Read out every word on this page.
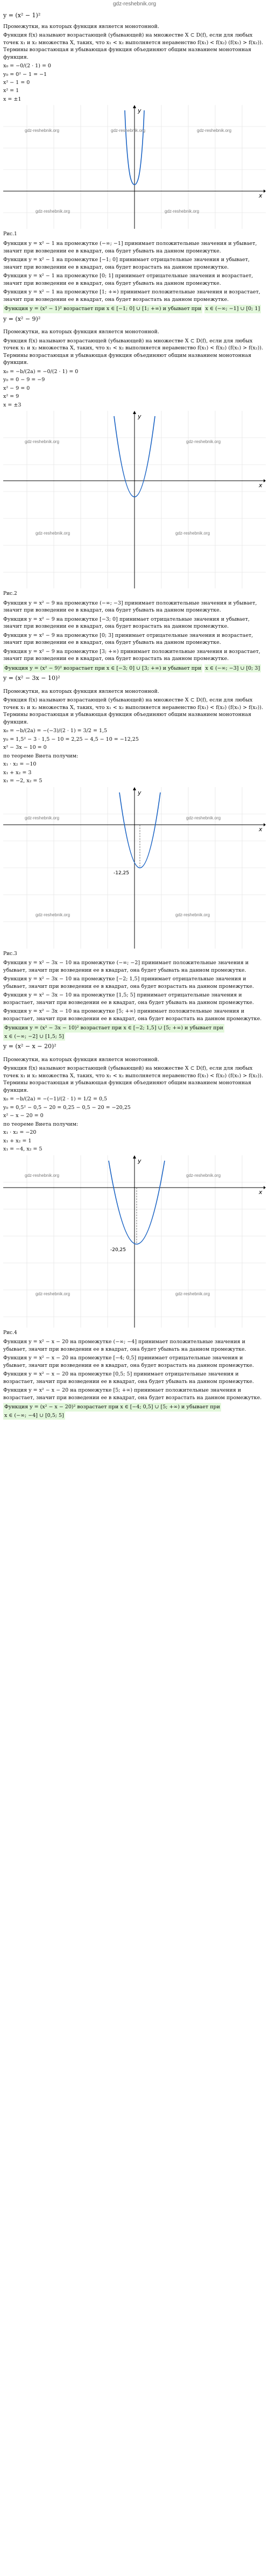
gdz-reshebnik.org

y = (x² − 1)²

Промежутки, на которых функция является монотонной.

Функция f(x) называют возрастающей (убывающей) на множестве X ⊂ D(f), если для любых точек x₁ и x₂ множества X, таких, что x₁ < x₂ выполняется неравенство f(x₁) < f(x₂) (f(x₁) > f(x₂)). Термины возрастающая и убывающая функция объединяют общим названием монотонная функция.

x₀ = −0/(2 · 1) = 0

y₀ = 0² − 1 = −1

x² − 1 = 0

x² = 1

x = ±1

x
y
gdz-reshebnik.org	gdz-reshebnik.org	gdz-reshebnik.org
gdz-reshebnik.org	gdz-reshebnik.org

Рис.1

Функция y = x² − 1 на промежутке (−∞; −1] принимает положительные значения и убывает, значит при возведении ее в квадрат, она будет убывать на данном промежутке.

Функция y = x² − 1 на промежутке [−1; 0] принимает отрицательные значения и убывает, значит при возведении ее в квадрат, она будет возрастать на данном промежутке.

Функция y = x² − 1 на промежутке [0; 1] принимает отрицательные значения и возрастает, значит при возведении ее в квадрат, она будет убывать на данном промежутке.

Функция y = x² − 1 на промежутке [1; +∞) принимает положительные значения и возрастает, значит при возведении ее в квадрат, она будет возрастать на данном промежутке.

Функция y = (x² − 1)² возрастает при x ∈ [−1; 0] ∪ [1; +∞) и убывает при x ∈ (−∞; −1] ∪ [0; 1]

y = (x² − 9)²

Промежутки, на которых функция является монотонной.

Функция f(x) называют возрастающей (убывающей) на множестве X ⊂ D(f), если для любых точек x₁ и x₂ множества X, таких, что x₁ < x₂ выполняется неравенство f(x₁) < f(x₂) (f(x₁) > f(x₂)). Термины возрастающая и убывающая функция объединяют общим названием монотонная функция.

x₀ = −b/(2a) = −0/(2 · 1) = 0

y₀ = 0 − 9 = −9

x² − 9 = 0

x² = 9

x = ±3

x
y
gdz-reshebnik.org	gdz-reshebnik.org
gdz-reshebnik.org	gdz-reshebnik.org

Рис.2

Функция y = x² − 9 на промежутке (−∞; −3] принимает положительные значения и убывает, значит при возведении ее в квадрат, она будет убывать на данном промежутке.

Функция y = x² − 9 на промежутке [−3; 0] принимает отрицательные значения и убывает, значит при возведении ее в квадрат, она будет возрастать на данном промежутке.

Функция y = x² − 9 на промежутке [0; 3] принимает отрицательные значения и возрастает, значит при возведении ее в квадрат, она будет убывать на данном промежутке.

Функция y = x² − 9 на промежутке [3; +∞) принимает положительные значения и возрастает, значит при возведении ее в квадрат, она будет возрастать на данном промежутке.

Функция y = (x² − 9)² возрастает при x ∈ [−3; 0] ∪ [3; +∞) и убывает при x ∈ (−∞; −3] ∪ [0; 3]

y = (x² − 3x − 10)²

Промежутки, на которых функция является монотонной.

Функция f(x) называют возрастающей (убывающей) на множестве X ⊂ D(f), если для любых точек x₁ и x₂ множества X, таких, что x₁ < x₂ выполняется неравенство f(x₁) < f(x₂) (f(x₁) > f(x₂)). Термины возрастающая и убывающая функция объединяют общим названием монотонная функция.

x₀ = −b/(2a) = −(−3)/(2 · 1) = 3/2 = 1,5

y₀ = 1,5² − 3 · 1,5 − 10 = 2,25 − 4,5 − 10 = −12,25

x² − 3x − 10 = 0

по теореме Виета получим:

x₁ · x₂ = −10

x₁ + x₂ = 3

x₁ = −2, x₂ = 5

x
y
-12,25
gdz-reshebnik.org	gdz-reshebnik.org
gdz-reshebnik.org	gdz-reshebnik.org

Рис.3

Функция y = x² − 3x − 10 на промежутке (−∞; −2] принимает положительные значения и убывает, значит при возведении ее в квадрат, она будет убывать на данном промежутке.

Функция y = x² − 3x − 10 на промежутке [−2; 1,5] принимает отрицательные значения и убывает, значит при возведении ее в квадрат, она будет возрастать на данном промежутке.

Функция y = x² − 3x − 10 на промежутке [1,5; 5] принимает отрицательные значения и возрастает, значит при возведении ее в квадрат, она будет убывать на данном промежутке.

Функция y = x² − 3x − 10 на промежутке [5; +∞) принимает положительные значения и возрастает, значит при возведении ее в квадрат, она будет возрастать на данном промежутке.

Функция y = (x² − 3x − 10)² возрастает при x ∈ [−2; 1,5] ∪ [5; +∞) и убывает при x ∈ (−∞; −2] ∪ [1,5; 5]

y = (x² − x − 20)²

Промежутки, на которых функция является монотонной.

Функция f(x) называют возрастающей (убывающей) на множестве X ⊂ D(f), если для любых точек x₁ и x₂ множества X, таких, что x₁ < x₂ выполняется неравенство f(x₁) < f(x₂) (f(x₁) > f(x₂)). Термины возрастающая и убывающая функция объединяют общим названием монотонная функция.

x₀ = −b/(2a) = −(−1)/(2 · 1) = 1/2 = 0,5

y₀ = 0,5² − 0,5 − 20 = 0,25 − 0,5 − 20 = −20,25

x² − x − 20 = 0

по теореме Виета получим:

x₁ · x₂ = −20

x₁ + x₂ = 1

x₁ = −4, x₂ = 5

x
y
-20,25
gdz-reshebnik.org	gdz-reshebnik.org
gdz-reshebnik.org	gdz-reshebnik.org

Рис.4

Функция y = x² − x − 20 на промежутке (−∞; −4] принимает положительные значения и убывает, значит при возведении ее в квадрат, она будет убывать на данном промежутке.

Функция y = x² − x − 20 на промежутке [−4; 0,5] принимает отрицательные значения и убывает, значит при возведении ее в квадрат, она будет возрастать на данном промежутке.

Функция y = x² − x − 20 на промежутке [0,5; 5] принимает отрицательные значения и возрастает, значит при возведении ее в квадрат, она будет убывать на данном промежутке.

Функция y = x² − x − 20 на промежутке [5; +∞) принимает положительные значения и возрастает, значит при возведении ее в квадрат, она будет возрастать на данном промежутке.

Функция y = (x² − x − 20)² возрастает при x ∈ [−4; 0,5] ∪ [5; +∞) и убывает при x ∈ (−∞; −4] ∪ [0,5; 5]
